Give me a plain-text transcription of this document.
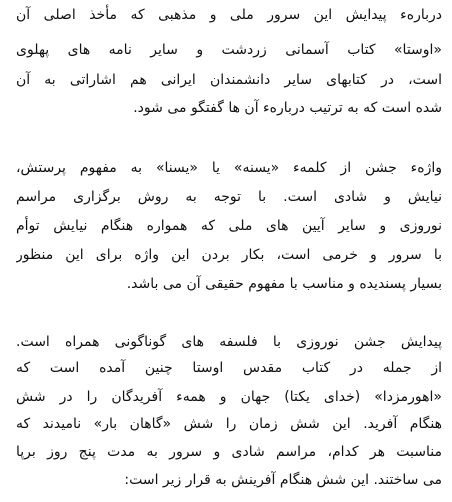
درباره‌ء پیدایش این سرور ملی و مذهبی که مأخذ اصلی آن
«اوستا» کتاب آسمانی زردشت و سایر نامه های پهلوی
است، در کتابهای سایر دانشمندان ایرانی هم اشاراتی به آن
شده است که به ترتیب درباره‌ء آن ها گفتگو می شود.
واژه‌ء جشن از کلمه‌ء «یسنه» یا «یسنا» به مفهوم پرستش،
نیایش و شادی است. با توجه به روش برگزاری مراسم
نوروزی و سایر آیین های ملی که همواره هنگام نیایش توأم
با سرور و خرمی است، بکار بردن این واژه برای این منظور
بسیار پسندیده و مناسب با مفهوم حقیقی آن می باشد.
پیدایش جشن نوروزی با فلسفه های گوناگونی همراه است.
از جمله در کتاب مقدس اوستا چنین آمده است که
«اهورمزدا» (خدای یکتا) جهان و همه‌ء آفریدگان را در شش
هنگام آفرید. این شش زمان را شش «گاهان بار» نامیدند که
مناسبت هر کدام، مراسم شادی و سرور به مدت پنج روز برپا
می ساختند. این شش هنگام آفرینش به قرار زیر است:
